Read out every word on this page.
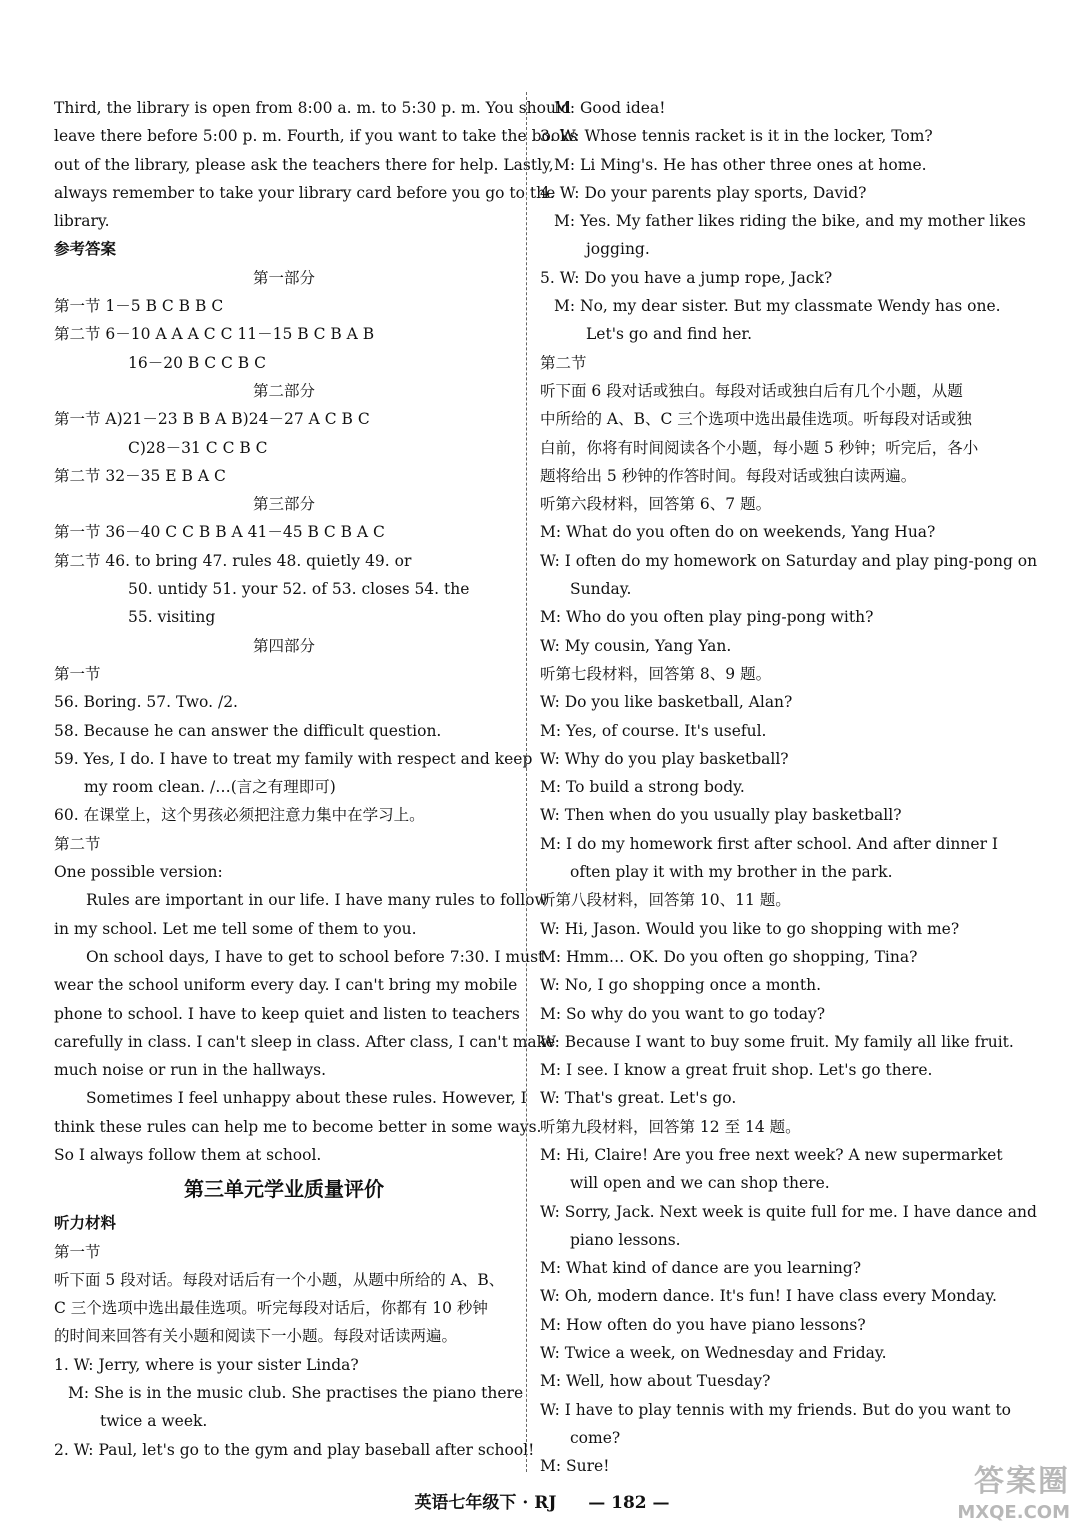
Third, the library is open from 8:00 a. m. to 5:30 p. m. You should
leave there before 5:00 p. m. Fourth, if you want to take the books
out of the library, please ask the teachers there for help. Lastly,
always remember to take your library card before you go to the
library.
参考答案
第一部分
第一节 1－5 B C B B C
第二节 6－10 A A A C C 11－15 B C B A B
16－20 B C C B C
第二部分
第一节 A)21－23 B B A B)24－27 A C B C
C)28－31 C C B C
第二节 32－35 E B A C
第三部分
第一节 36－40 C C B B A 41－45 B C B A C
第二节 46. to bring 47. rules 48. quietly 49. or
50. untidy 51. your 52. of 53. closes 54. the
55. visiting
第四部分
第一节
56. Boring. 57. Two. /2.
58. Because he can answer the difficult question.
59. Yes, I do. I have to treat my family with respect and keep
my room clean. /…(言之有理即可)
60. 在课堂上，这个男孩必须把注意力集中在学习上。
第二节
One possible version:
Rules are important in our life. I have many rules to follow
in my school. Let me tell some of them to you.
On school days, I have to get to school before 7:30. I must
wear the school uniform every day. I can't bring my mobile
phone to school. I have to keep quiet and listen to teachers
carefully in class. I can't sleep in class. After class, I can't make
much noise or run in the hallways.
Sometimes I feel unhappy about these rules. However, I
think these rules can help me to become better in some ways.
So I always follow them at school.
第三单元学业质量评价
听力材料
第一节
听下面 5 段对话。每段对话后有一个小题，从题中所给的 A、B、
C 三个选项中选出最佳选项。听完每段对话后，你都有 10 秒钟
的时间来回答有关小题和阅读下一小题。每段对话读两遍。
1. W: Jerry, where is your sister Linda?
M: She is in the music club. She practises the piano there
twice a week.
2. W: Paul, let's go to the gym and play baseball after school!
M: Good idea!
3. W: Whose tennis racket is it in the locker, Tom?
M: Li Ming's. He has other three ones at home.
4. W: Do your parents play sports, David?
M: Yes. My father likes riding the bike, and my mother likes
jogging.
5. W: Do you have a jump rope, Jack?
M: No, my dear sister. But my classmate Wendy has one.
Let's go and find her.
第二节
听下面 6 段对话或独白。每段对话或独白后有几个小题，从题
中所给的 A、B、C 三个选项中选出最佳选项。听每段对话或独
白前，你将有时间阅读各个小题，每小题 5 秒钟；听完后，各小
题将给出 5 秒钟的作答时间。每段对话或独白读两遍。
听第六段材料，回答第 6、7 题。
M: What do you often do on weekends, Yang Hua?
W: I often do my homework on Saturday and play ping-pong on
Sunday.
M: Who do you often play ping-pong with?
W: My cousin, Yang Yan.
听第七段材料，回答第 8、9 题。
W: Do you like basketball, Alan?
M: Yes, of course. It's useful.
W: Why do you play basketball?
M: To build a strong body.
W: Then when do you usually play basketball?
M: I do my homework first after school. And after dinner I
often play it with my brother in the park.
听第八段材料，回答第 10、11 题。
W: Hi, Jason. Would you like to go shopping with me?
M: Hmm… OK. Do you often go shopping, Tina?
W: No, I go shopping once a month.
M: So why do you want to go today?
W: Because I want to buy some fruit. My family all like fruit.
M: I see. I know a great fruit shop. Let's go there.
W: That's great. Let's go.
听第九段材料，回答第 12 至 14 题。
M: Hi, Claire! Are you free next week? A new supermarket
will open and we can shop there.
W: Sorry, Jack. Next week is quite full for me. I have dance and
piano lessons.
M: What kind of dance are you learning?
W: Oh, modern dance. It's fun! I have class every Monday.
M: How often do you have piano lessons?
W: Twice a week, on Wednesday and Friday.
M: Well, how about Tuesday?
W: I have to play tennis with my friends. But do you want to
come?
M: Sure!
英语七年级下 · RJ — 182 —
答案圈
MXQE.COM
